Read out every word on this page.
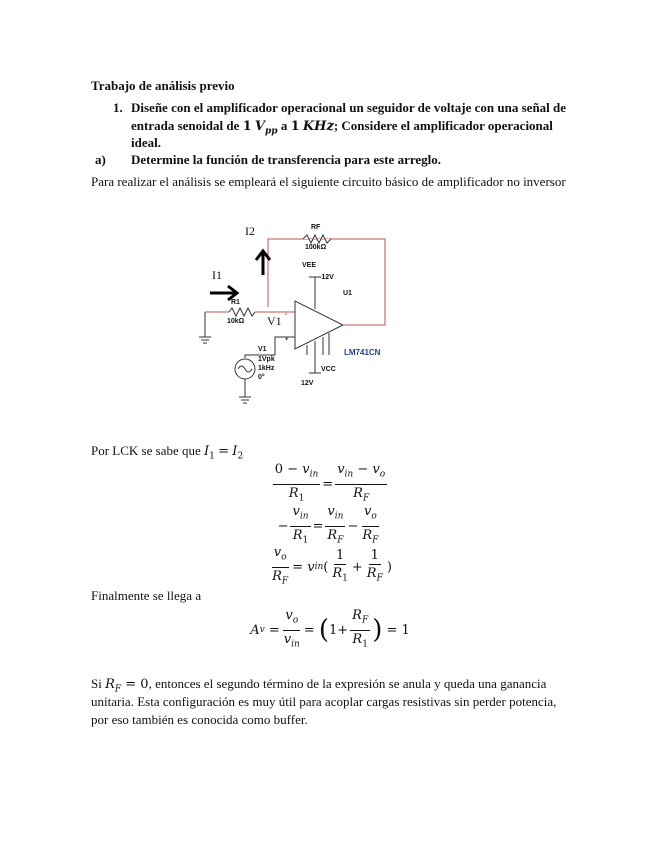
Trabajo de análisis previo
1. Diseñe con el amplificador operacional un seguidor de voltaje con una señal de
entrada senoidal de 1 $V_{pp}$ a 1 KHz; Considere el amplificador operacional
ideal.
a) Determine la función de transferencia para este arreglo.
Para realizar el análisis se empleará el siguiente circuito básico de amplificador no inversor
I2
I1
V1
RF
100kΩ
VEE
-12V
U1
R1
10kΩ
V1
1Vpk
1kHz
0°
VCC
12V
-
+
LM741CN
Por LCK se sabe que $I_1 = I_2$
$\frac{0 - v_{in}}{R_1} = \frac{v_{in} - v_o}{R_F}$
− $\frac{v_{in}}{R_1} = \frac{v_{in}}{R_F} - \frac{v_o}{R_F}$
$\frac{v_o}{R_F}$ =
v in ( $\frac{1}{R_1} + \frac{1}{R_F}$ )
Finalmente se llega a
A v
= $\frac{v_o}{v_{in}}$ =
( $1 + \frac{R_F}{R_1}$ )
= 1
Si $R_F = 0$, entonces el segundo término de la expresión se anula y queda una ganancia
unitaria. Esta configuración es muy útil para acoplar cargas resistivas sin perder potencia,
por eso también es conocida como buffer.
